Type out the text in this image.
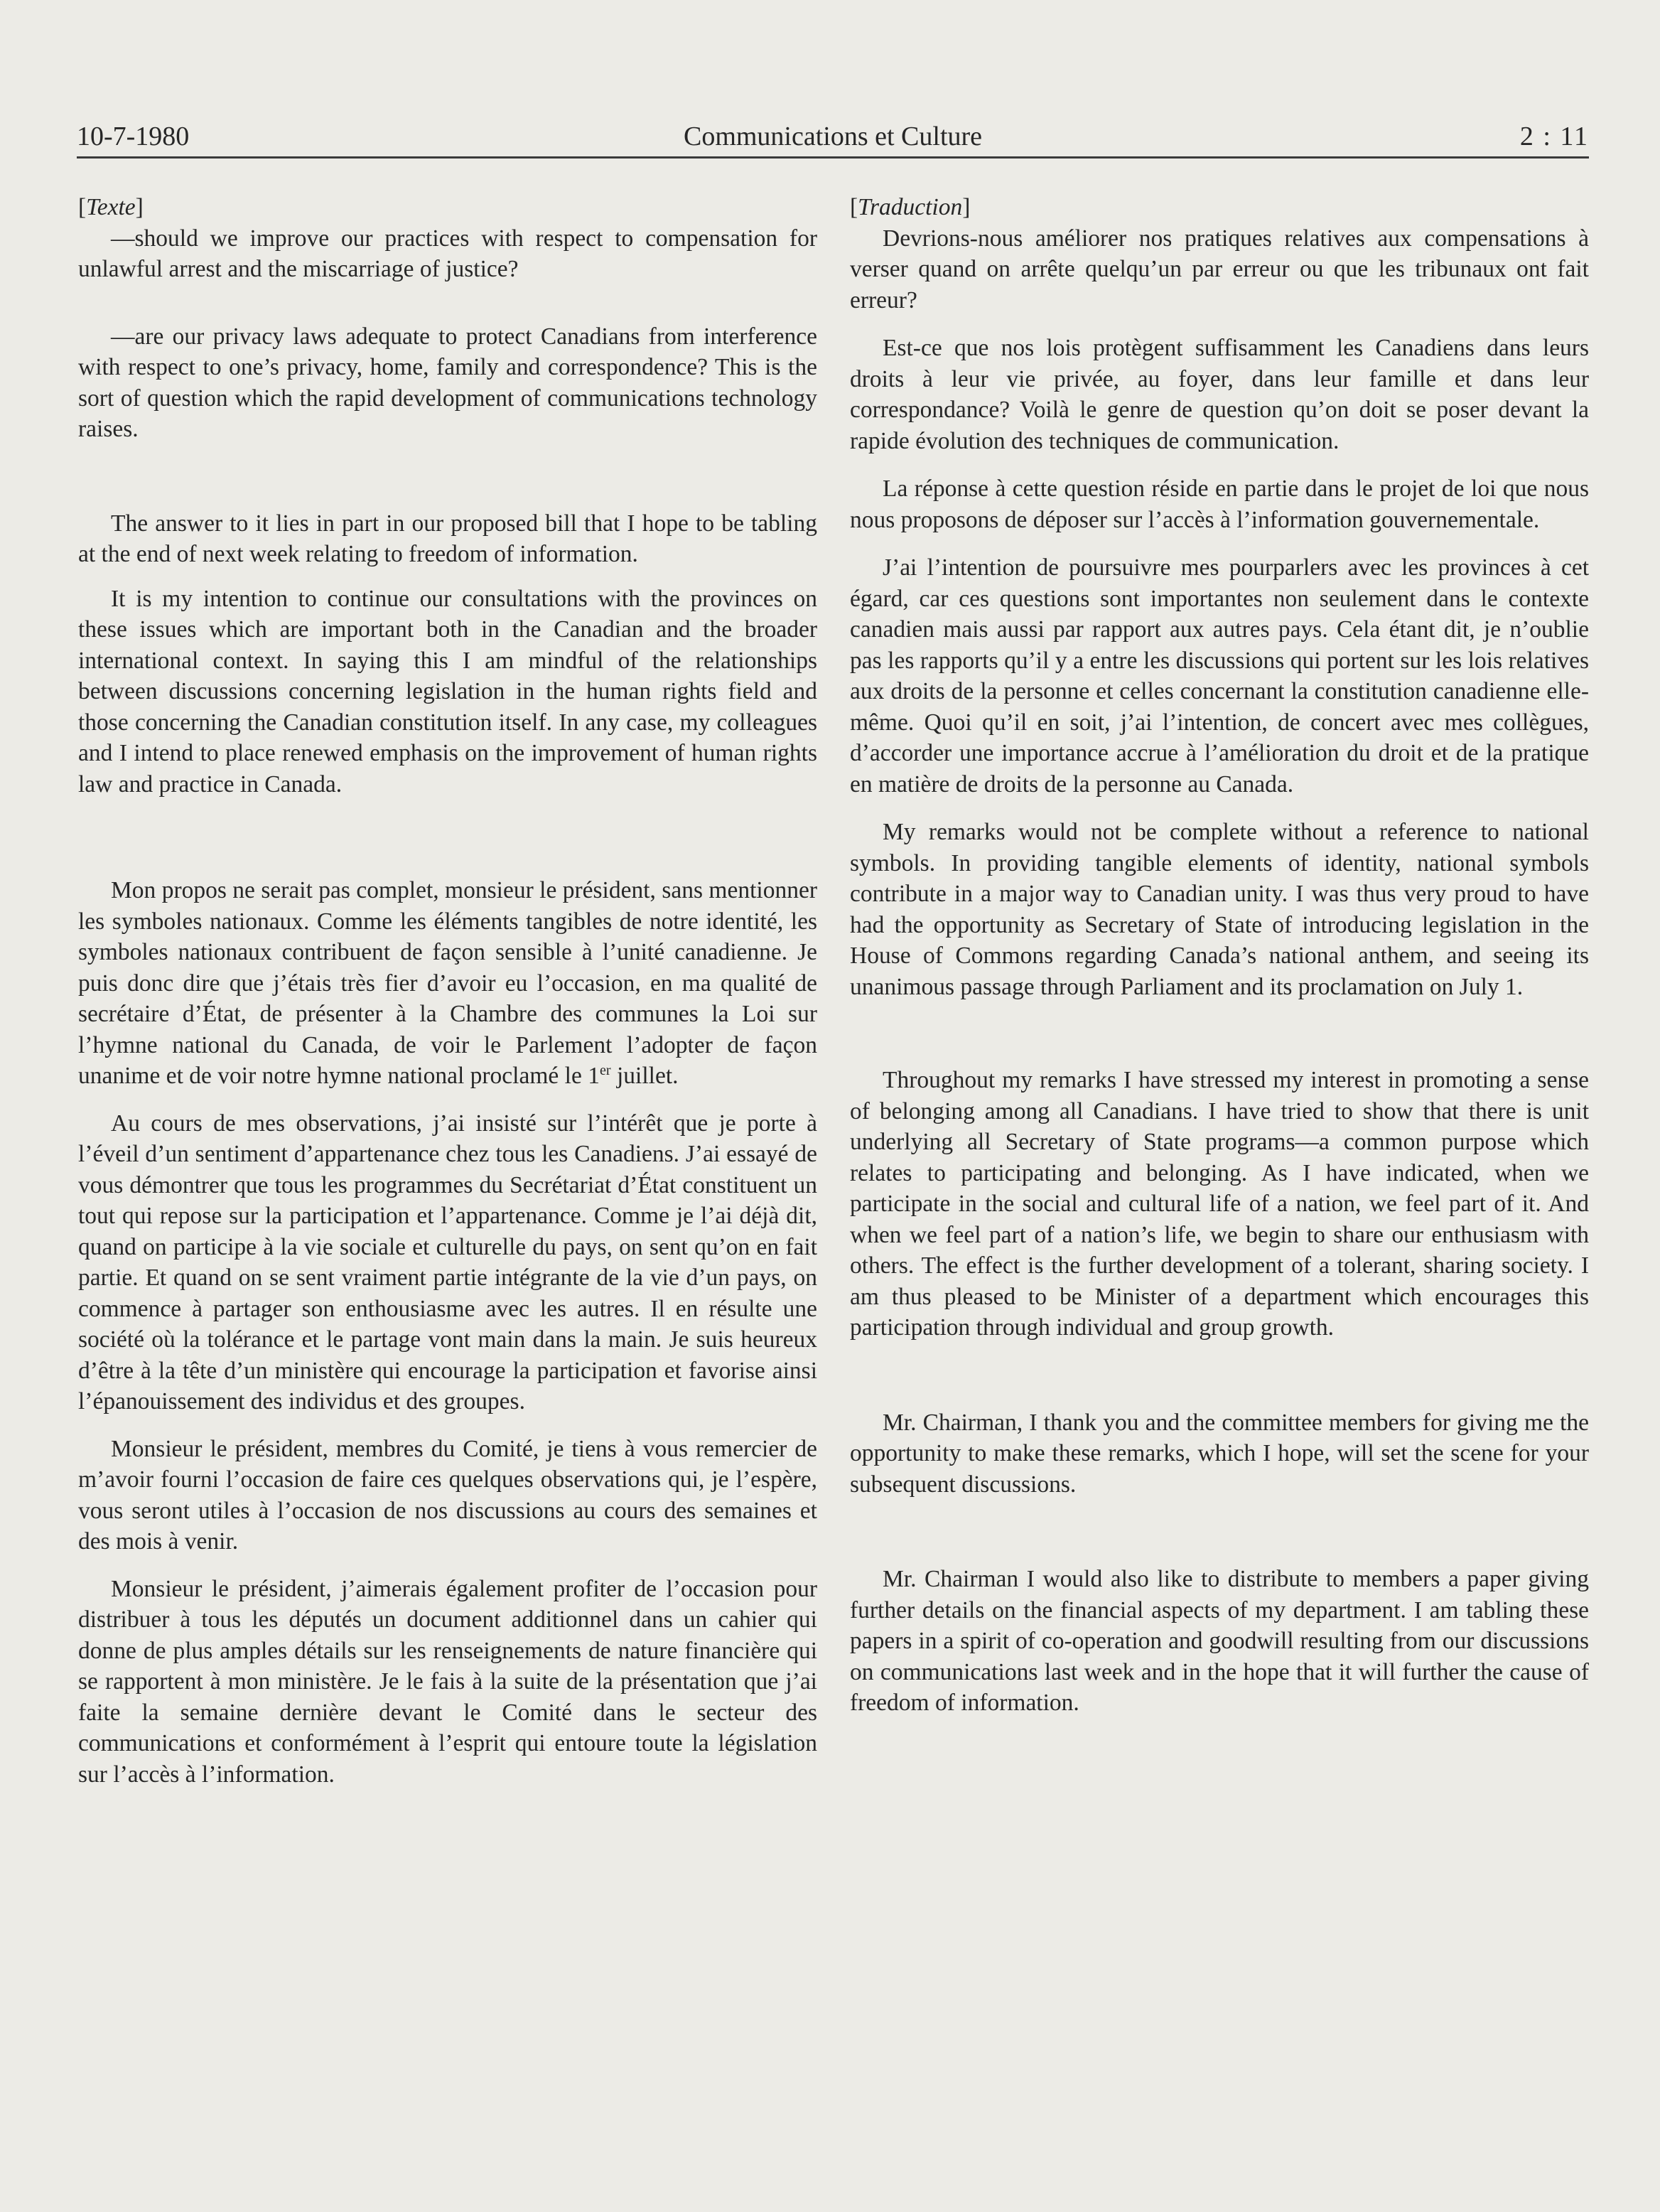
10-7-1980	Communications et Culture	2 : 11

[Texte]

—should we improve our practices with respect to compensation for unlawful arrest and the miscarriage of justice?

—are our privacy laws adequate to protect Canadians from interference with respect to one’s privacy, home, family and correspondence? This is the sort of question which the rapid development of communications technology raises.

The answer to it lies in part in our proposed bill that I hope to be tabling at the end of next week relating to freedom of information.

It is my intention to continue our consultations with the provinces on these issues which are important both in the Canadian and the broader international context. In saying this I am mindful of the relationships between discussions concerning legislation in the human rights field and those concerning the Canadian constitution itself. In any case, my colleagues and I intend to place renewed emphasis on the improvement of human rights law and practice in Canada.

Mon propos ne serait pas complet, monsieur le président, sans mentionner les symboles nationaux. Comme les éléments tangibles de notre identité, les symboles nationaux contribuent de façon sensible à l’unité canadienne. Je puis donc dire que j’étais très fier d’avoir eu l’occasion, en ma qualité de secrétaire d’État, de présenter à la Chambre des communes la Loi sur l’hymne national du Canada, de voir le Parlement l’adopter de façon unanime et de voir notre hymne national proclamé le 1er juillet.

Au cours de mes observations, j’ai insisté sur l’intérêt que je porte à l’éveil d’un sentiment d’appartenance chez tous les Canadiens. J’ai essayé de vous démontrer que tous les programmes du Secrétariat d’État constituent un tout qui repose sur la participation et l’appartenance. Comme je l’ai déjà dit, quand on participe à la vie sociale et culturelle du pays, on sent qu’on en fait partie. Et quand on se sent vraiment partie intégrante de la vie d’un pays, on commence à partager son enthousiasme avec les autres. Il en résulte une société où la tolérance et le partage vont main dans la main. Je suis heureux d’être à la tête d’un ministère qui encourage la participation et favorise ainsi l’épanouissement des individus et des groupes.

Monsieur le président, membres du Comité, je tiens à vous remercier de m’avoir fourni l’occasion de faire ces quelques observations qui, je l’espère, vous seront utiles à l’occasion de nos discussions au cours des semaines et des mois à venir.

Monsieur le président, j’aimerais également profiter de l’occasion pour distribuer à tous les députés un document additionnel dans un cahier qui donne de plus amples détails sur les renseignements de nature financière qui se rapportent à mon ministère. Je le fais à la suite de la présentation que j’ai faite la semaine dernière devant le Comité dans le secteur des communications et conformément à l’esprit qui entoure toute la législation sur l’accès à l’information.

[Traduction]

Devrions-nous améliorer nos pratiques relatives aux compensations à verser quand on arrête quelqu’un par erreur ou que les tribunaux ont fait erreur?

Est-ce que nos lois protègent suffisamment les Canadiens dans leurs droits à leur vie privée, au foyer, dans leur famille et dans leur correspondance? Voilà le genre de question qu’on doit se poser devant la rapide évolution des techniques de communication.

La réponse à cette question réside en partie dans le projet de loi que nous nous proposons de déposer sur l’accès à l’information gouvernementale.

J’ai l’intention de poursuivre mes pourparlers avec les provinces à cet égard, car ces questions sont importantes non seulement dans le contexte canadien mais aussi par rapport aux autres pays. Cela étant dit, je n’oublie pas les rapports qu’il y a entre les discussions qui portent sur les lois relatives aux droits de la personne et celles concernant la constitution canadienne elle-même. Quoi qu’il en soit, j’ai l’intention, de concert avec mes collègues, d’accorder une importance accrue à l’amélioration du droit et de la pratique en matière de droits de la personne au Canada.

My remarks would not be complete without a reference to national symbols. In providing tangible elements of identity, national symbols contribute in a major way to Canadian unity. I was thus very proud to have had the opportunity as Secretary of State of introducing legislation in the House of Commons regarding Canada’s national anthem, and seeing its unanimous passage through Parliament and its proclamation on July 1.

Throughout my remarks I have stressed my interest in promoting a sense of belonging among all Canadians. I have tried to show that there is unit underlying all Secretary of State programs—a common purpose which relates to participating and belonging. As I have indicated, when we participate in the social and cultural life of a nation, we feel part of it. And when we feel part of a nation’s life, we begin to share our enthusiasm with others. The effect is the further development of a tolerant, sharing society. I am thus pleased to be Minister of a department which encourages this participation through individual and group growth.

Mr. Chairman, I thank you and the committee members for giving me the opportunity to make these remarks, which I hope, will set the scene for your subsequent discussions.

Mr. Chairman I would also like to distribute to members a paper giving further details on the financial aspects of my department. I am tabling these papers in a spirit of co-operation and goodwill resulting from our discussions on communications last week and in the hope that it will further the cause of freedom of information.
